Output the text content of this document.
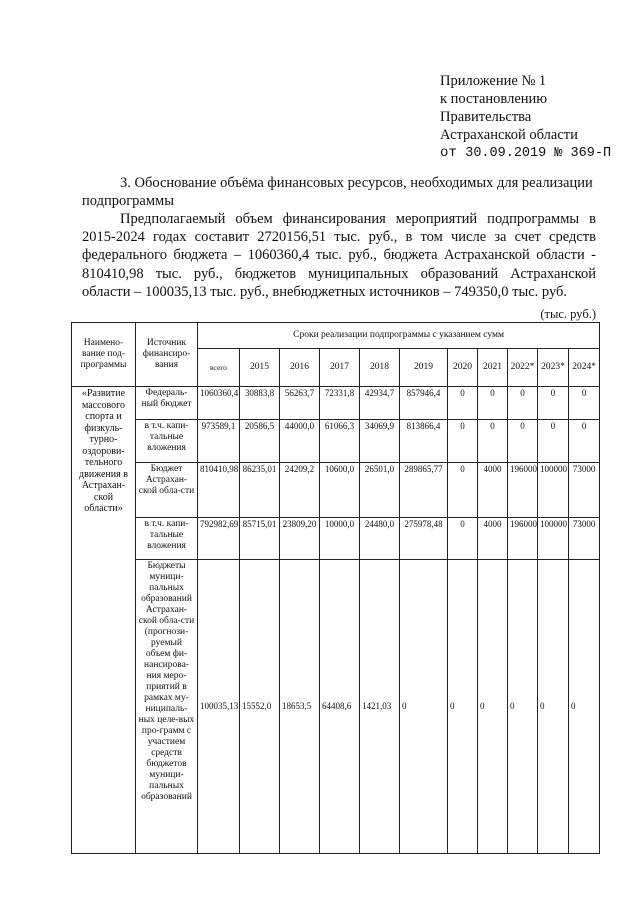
Приложение № 1
к постановлению
Правительства
Астраханской области
от 30.09.2019 № 369-П

3. Обоснование объёма финансовых ресурсов, необходимых для реализации подпрограммы

Предполагаемый объем финансирования мероприятий подпрограммы в 2015-2024 годах составит 2720156,51 тыс. руб., в том числе за счет средств федерального бюджета – 1060360,4 тыс. руб., бюджета Астраханской области - 810410,98 тыс. руб., бюджетов муниципальных образований Астраханской области – 100035,13 тыс. руб., внебюджетных источников – 749350,0 тыс. руб.

(тыс. руб.)
Наимено-вание под-программы	Источник финансиро-вания	Сроки реализации подпрограммы с указанием сумм										
		всего	2015	2016	2017	2018	2019	2020	2021	2022*	2023*	2024*
«Развитие массового спорта и физкуль-турно-оздорови-тельного движения в Астрахан-ской области»	Федераль-ный бюджет	1060360,4	30883,8	56263,7	72331,8	42934,7	857946,4	0	0	0	0	0
	в т.ч. капи-тальные вложения	973589,1	20586,5	44000,0	61066,3	34069,9	813866,4	0	0	0	0	0
	Бюджет Астрахан-ской обла-сти	810410,98	86235,01	24209,2	10600,0	26501,0	289865,77	0	4000	196000	100000	73000
	в т.ч. капи-тальные вложения	792982,69	85715,01	23809,20	10000,0	24480,0	275978,48	0	4000	196000	100000	73000
	Бюджеты муници-пальных образований Астрахан-ской обла-сти (прогнози-руемый объем фи-нансирова-ния меро-приятий в рамках му-ниципаль-ных целе-вых про-грамм с участием средств бюджетов муници-пальных образований	100035,13	15552,0	18653,5	64408,6	1421,03	0	0	0	0	0	0
